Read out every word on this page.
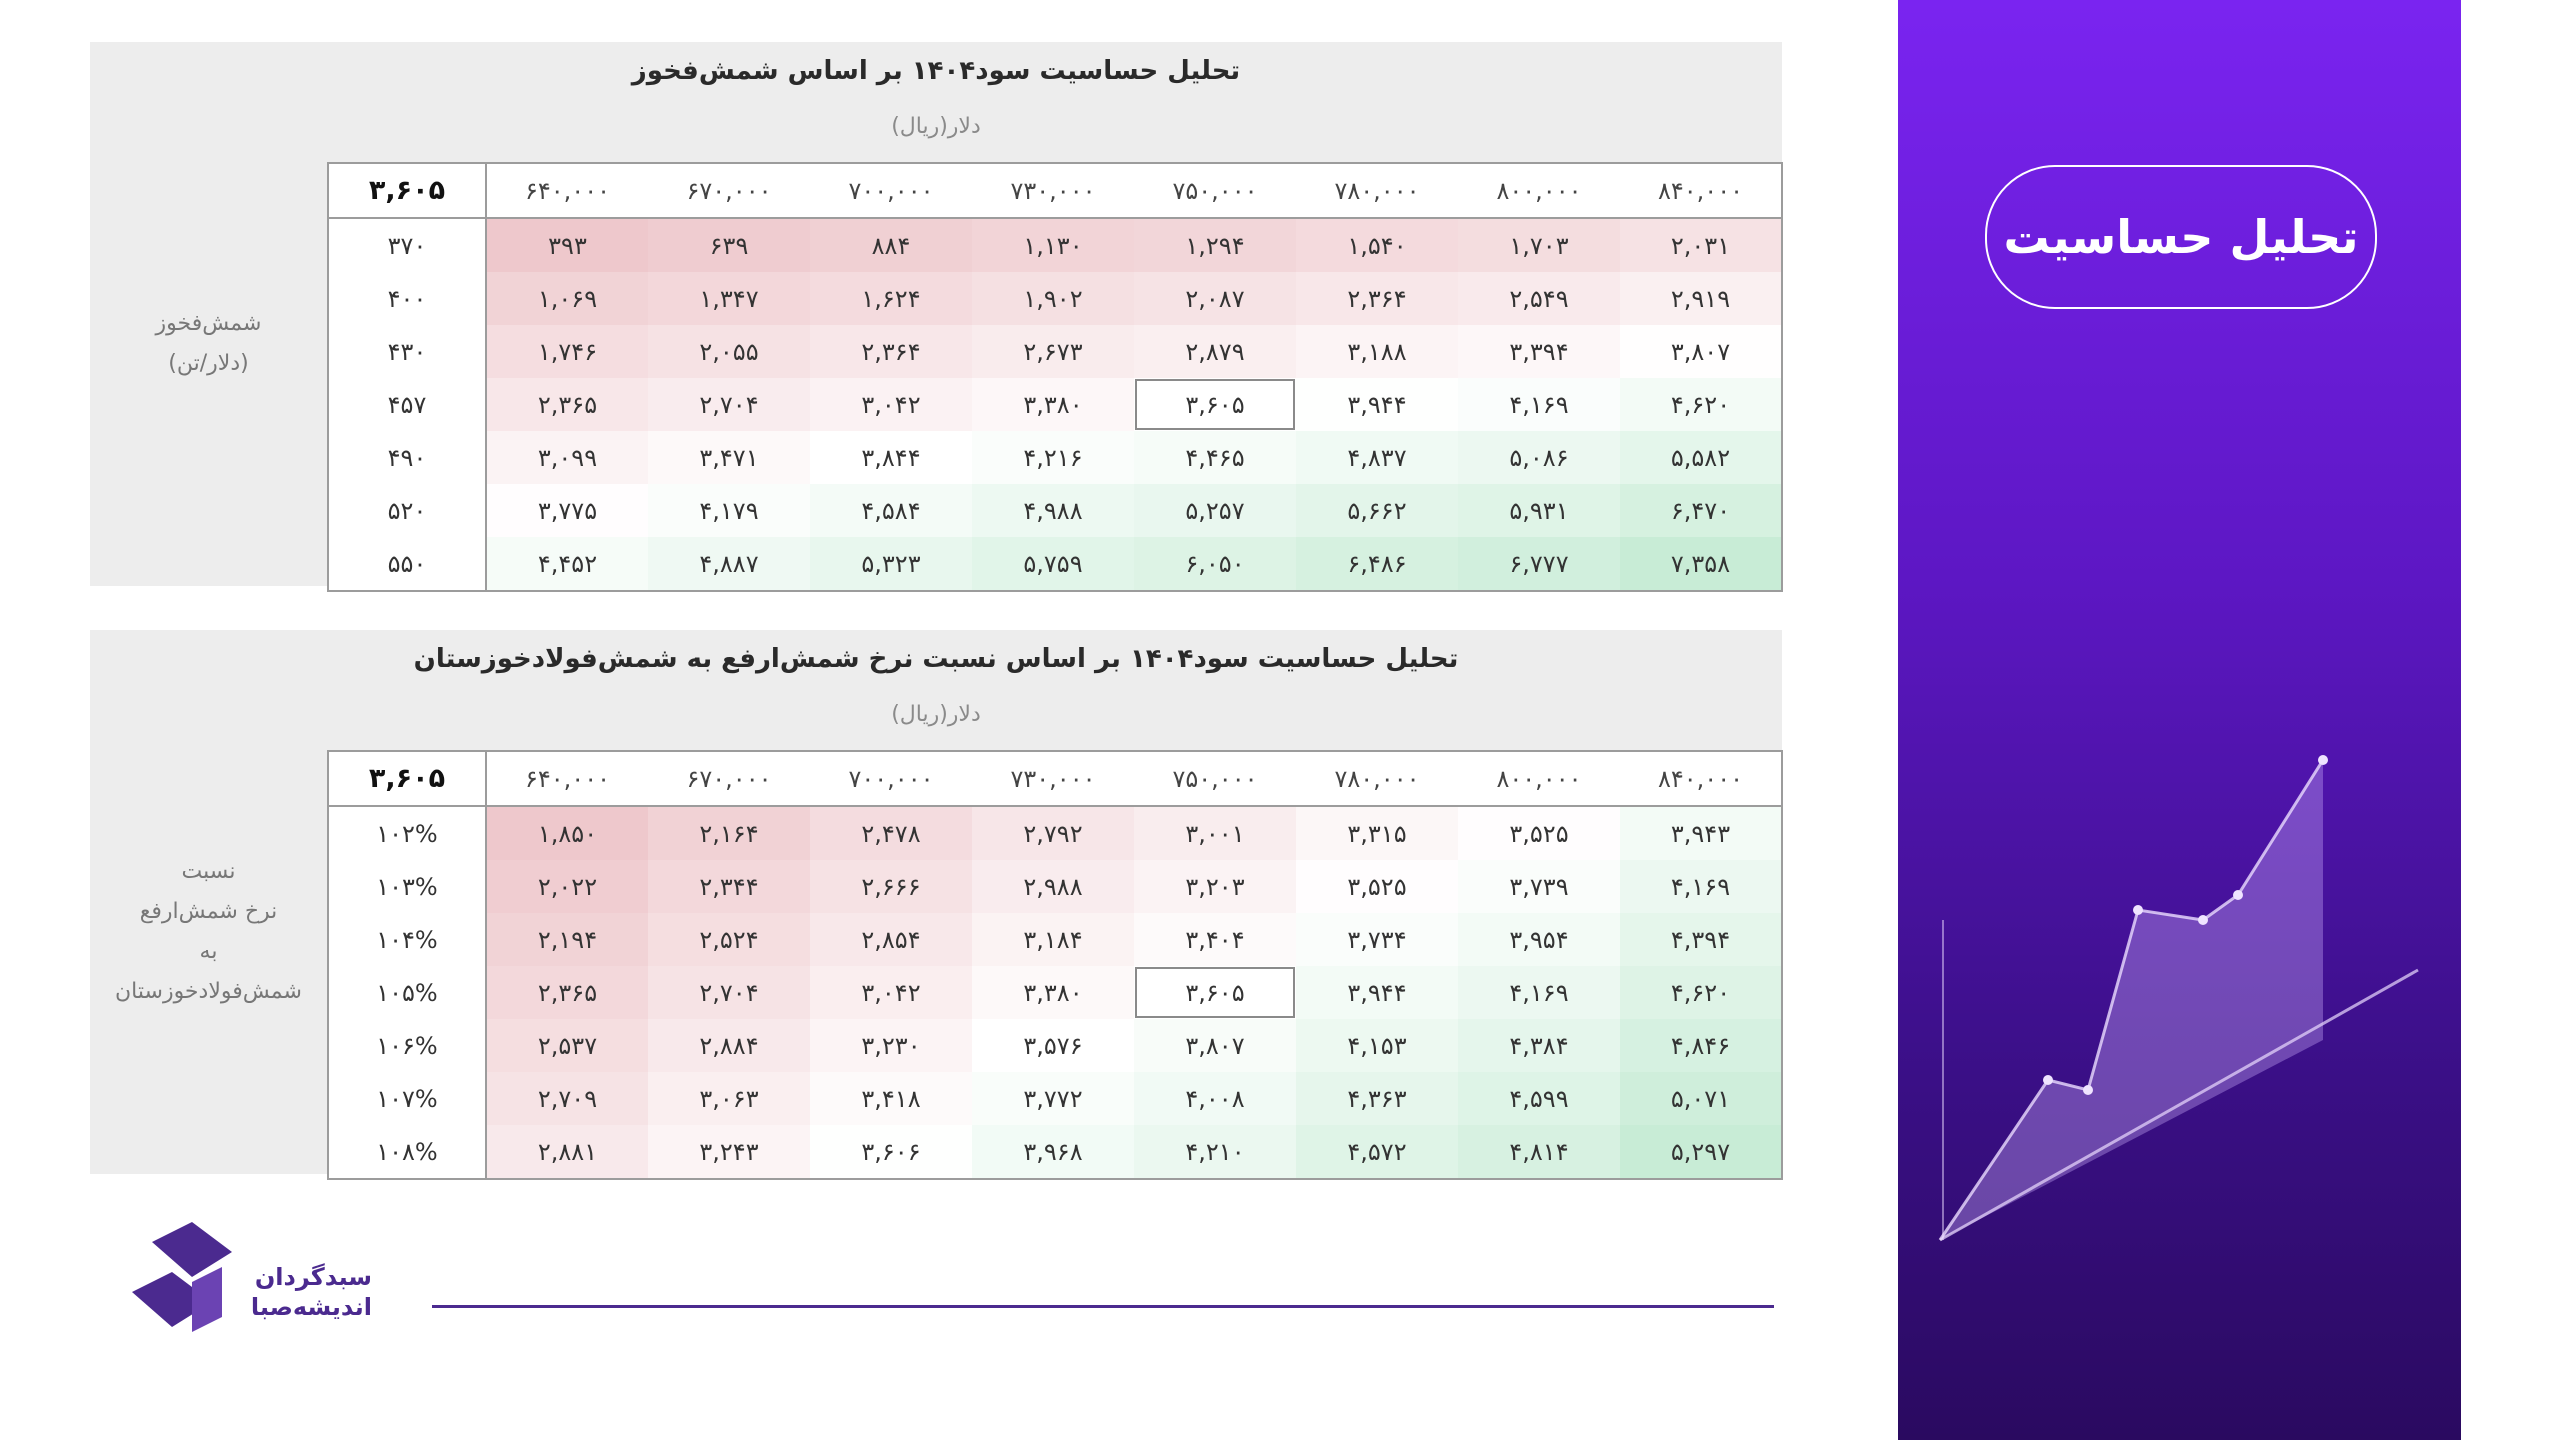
تحلیل حساسیت سود۱۴۰۴ بر اساس شمش‌فخوز
دلار(ریال)
شمش‌فخوز
(دلار/تن)
۳,۶۰۵	۶۴۰,۰۰۰	۶۷۰,۰۰۰	۷۰۰,۰۰۰	۷۳۰,۰۰۰	۷۵۰,۰۰۰	۷۸۰,۰۰۰	۸۰۰,۰۰۰	۸۴۰,۰۰۰
۳۷۰	۳۹۳	۶۳۹	۸۸۴	۱,۱۳۰	۱,۲۹۴	۱,۵۴۰	۱,۷۰۳	۲,۰۳۱
۴۰۰	۱,۰۶۹	۱,۳۴۷	۱,۶۲۴	۱,۹۰۲	۲,۰۸۷	۲,۳۶۴	۲,۵۴۹	۲,۹۱۹
۴۳۰	۱,۷۴۶	۲,۰۵۵	۲,۳۶۴	۲,۶۷۳	۲,۸۷۹	۳,۱۸۸	۳,۳۹۴	۳,۸۰۷
۴۵۷	۲,۳۶۵	۲,۷۰۴	۳,۰۴۲	۳,۳۸۰	۳,۶۰۵	۳,۹۴۴	۴,۱۶۹	۴,۶۲۰
۴۹۰	۳,۰۹۹	۳,۴۷۱	۳,۸۴۴	۴,۲۱۶	۴,۴۶۵	۴,۸۳۷	۵,۰۸۶	۵,۵۸۲
۵۲۰	۳,۷۷۵	۴,۱۷۹	۴,۵۸۴	۴,۹۸۸	۵,۲۵۷	۵,۶۶۲	۵,۹۳۱	۶,۴۷۰
۵۵۰	۴,۴۵۲	۴,۸۸۷	۵,۳۲۳	۵,۷۵۹	۶,۰۵۰	۶,۴۸۶	۶,۷۷۷	۷,۳۵۸
تحلیل حساسیت سود۱۴۰۴ بر اساس نسبت نرخ شمش‌ارفع به شمش‌فولادخوزستان
دلار(ریال)
نسبت
نرخ شمش‌ارفع
به
شمش‌فولادخوزستان
۳,۶۰۵	۶۴۰,۰۰۰	۶۷۰,۰۰۰	۷۰۰,۰۰۰	۷۳۰,۰۰۰	۷۵۰,۰۰۰	۷۸۰,۰۰۰	۸۰۰,۰۰۰	۸۴۰,۰۰۰
۱۰۲%	۱,۸۵۰	۲,۱۶۴	۲,۴۷۸	۲,۷۹۲	۳,۰۰۱	۳,۳۱۵	۳,۵۲۵	۳,۹۴۳
۱۰۳%	۲,۰۲۲	۲,۳۴۴	۲,۶۶۶	۲,۹۸۸	۳,۲۰۳	۳,۵۲۵	۳,۷۳۹	۴,۱۶۹
۱۰۴%	۲,۱۹۴	۲,۵۲۴	۲,۸۵۴	۳,۱۸۴	۳,۴۰۴	۳,۷۳۴	۳,۹۵۴	۴,۳۹۴
۱۰۵%	۲,۳۶۵	۲,۷۰۴	۳,۰۴۲	۳,۳۸۰	۳,۶۰۵	۳,۹۴۴	۴,۱۶۹	۴,۶۲۰
۱۰۶%	۲,۵۳۷	۲,۸۸۴	۳,۲۳۰	۳,۵۷۶	۳,۸۰۷	۴,۱۵۳	۴,۳۸۴	۴,۸۴۶
۱۰۷%	۲,۷۰۹	۳,۰۶۳	۳,۴۱۸	۳,۷۷۲	۴,۰۰۸	۴,۳۶۳	۴,۵۹۹	۵,۰۷۱
۱۰۸%	۲,۸۸۱	۳,۲۴۳	۳,۶۰۶	۳,۹۶۸	۴,۲۱۰	۴,۵۷۲	۴,۸۱۴	۵,۲۹۷
تحلیل حساسیت
سبدگردان
اندیشه‌صبا
